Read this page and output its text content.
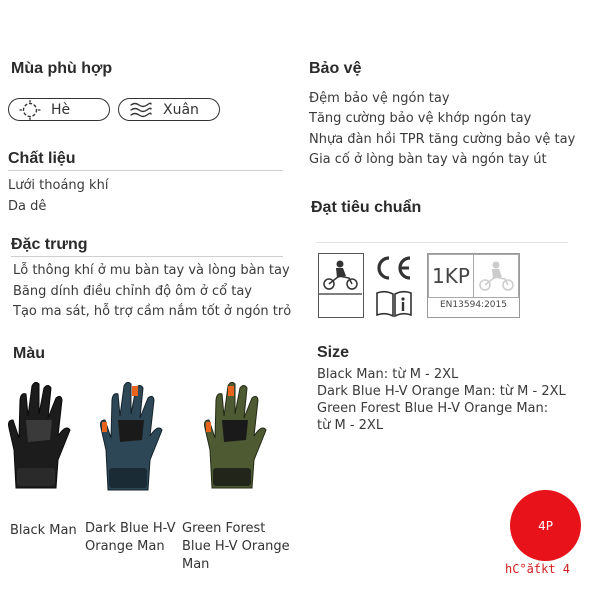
Mùa phù hợp
Hè	Xuân
Chất liệu
Lưới thoáng khí
Da dê
Đặc trưng
Lỗ thông khí ở mu bàn tay và lòng bàn tay
Băng dính điều chỉnh độ ôm ở cổ tay
Tạo ma sát, hỗ trợ cầm nắm tốt ở ngón trỏ
Màu
Black Man Dark Blue H-V Orange Man
Green Forest Blue H-V Orange Man
Bảo vệ
Đệm bảo vệ ngón tay
Tăng cường bảo vệ khớp ngón tay
Nhựa đàn hồi TPR tăng cường bảo vệ tay
Gia cố ở lòng bàn tay và ngón tay út
Đạt tiêu chuẩn
1KP
EN13594:2015
Size
Black Man: từ M - 2XL
Dark Blue H-V Orange Man: từ M - 2XL
Green Forest Blue H-V Orange Man:
từ M - 2XL
4P
hC°ắtkt 4
